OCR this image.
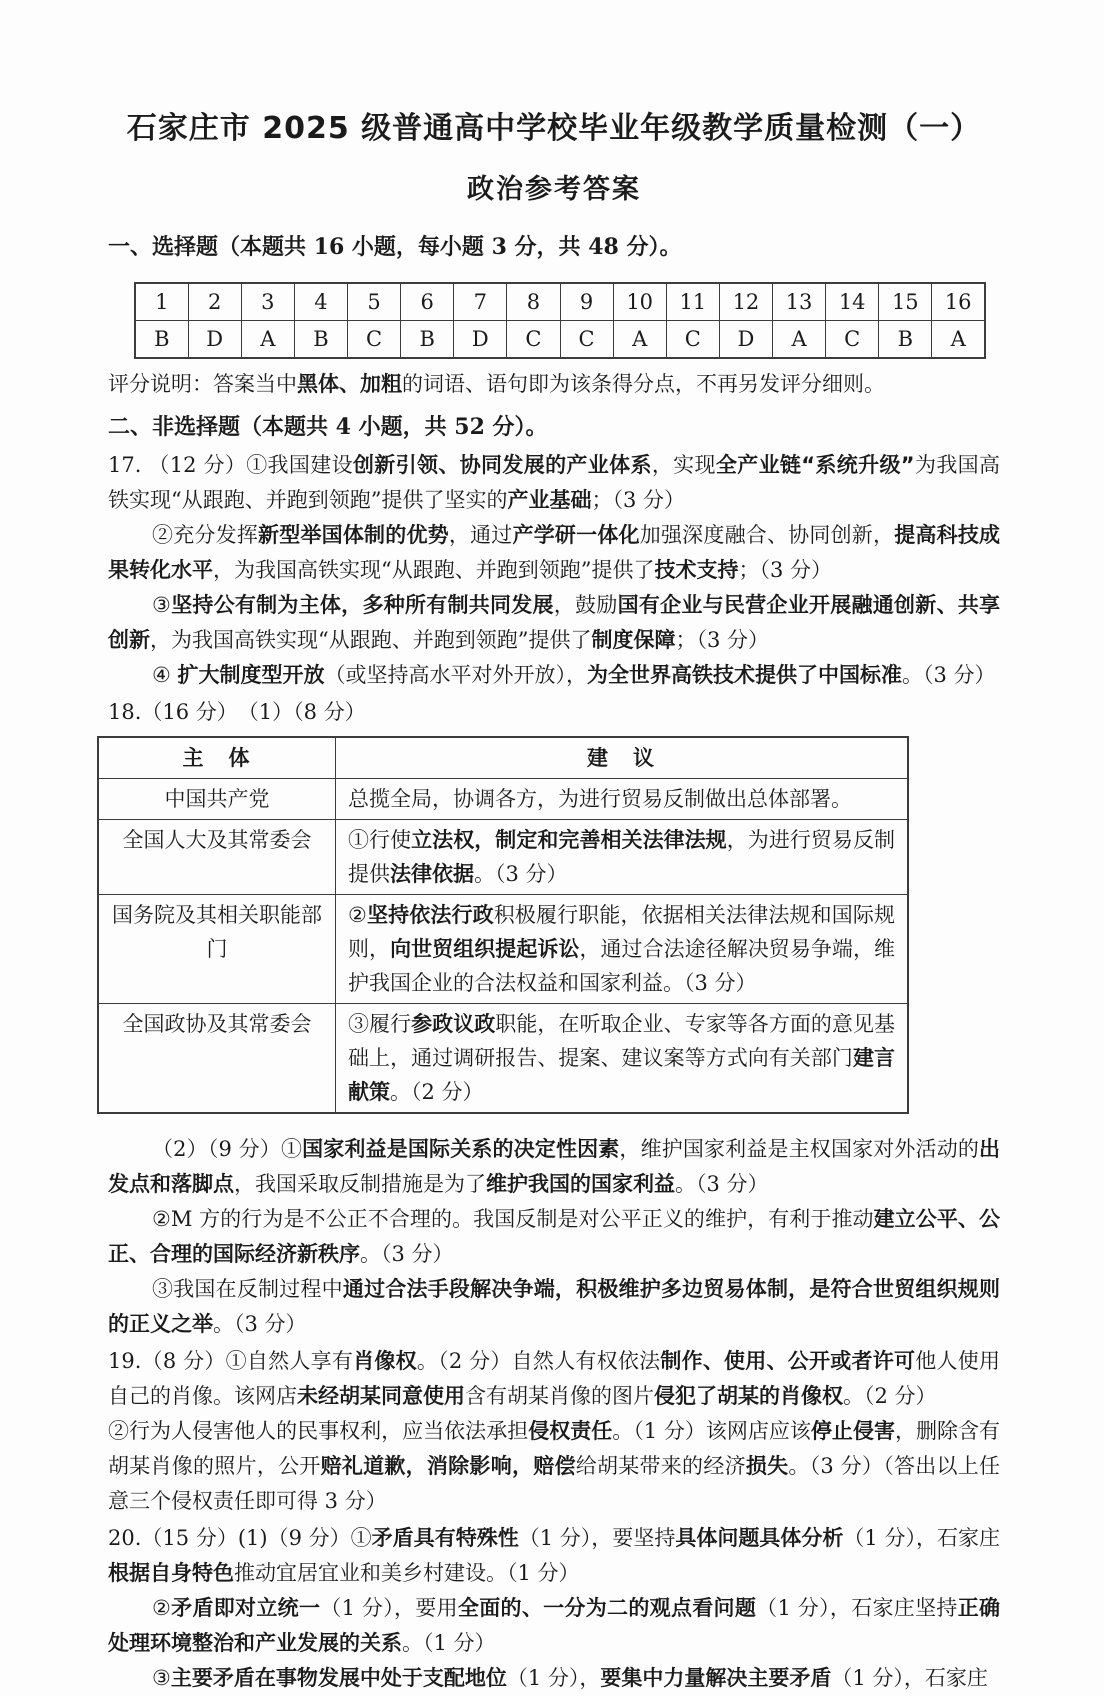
石家庄市 2025 级普通高中学校毕业年级教学质量检测（一）
政治参考答案

一、选择题（本题共 16 小题，每小题 3 分，共 48 分）。

1	2	3	4	5	6	7	8	9	10	11	12	13	14	15	16
B	D	A	B	C	B	D	C	C	A	C	D	A	C	B	A

评分说明：答案当中黑体、加粗的词语、语句即为该条得分点，不再另发评分细则。

二、非选择题（本题共 4 小题，共 52 分）。

17. （12 分）①我国建设创新引领、协同发展的产业体系，实现全产业链“系统升级”为我国高铁实现“从跟跑、并跑到领跑”提供了坚实的产业基础；（3 分）

②充分发挥新型举国体制的优势，通过产学研一体化加强深度融合、协同创新，提高科技成果转化水平，为我国高铁实现“从跟跑、并跑到领跑”提供了技术支持；（3 分）

③坚持公有制为主体，多种所有制共同发展，鼓励国有企业与民营企业开展融通创新、共享创新，为我国高铁实现“从跟跑、并跑到领跑”提供了制度保障；（3 分）

④ 扩大制度型开放（或坚持高水平对外开放），为全世界高铁技术提供了中国标准。（3 分）

18.（16 分）　（1）（8 分）

主　体	建　议
中国共产党	总揽全局，协调各方，为进行贸易反制做出总体部署。
全国人大及其常委会	①行使立法权，制定和完善相关法律法规，为进行贸易反制提供法律依据。（3 分）
国务院及其相关职能部门	②坚持依法行政积极履行职能，依据相关法律法规和国际规则，向世贸组织提起诉讼，通过合法途径解决贸易争端，维护我国企业的合法权益和国家利益。（3 分）
全国政协及其常委会	③履行参政议政职能，在听取企业、专家等各方面的意见基础上，通过调研报告、提案、建议案等方式向有关部门建言献策。（2 分）

（2）（9 分）①国家利益是国际关系的决定性因素，维护国家利益是主权国家对外活动的出发点和落脚点，我国采取反制措施是为了维护我国的国家利益。（3 分）

②M 方的行为是不公正不合理的。我国反制是对公平正义的维护，有利于推动建立公平、公正、合理的国际经济新秩序。（3 分）

③我国在反制过程中通过合法手段解决争端，积极维护多边贸易体制，是符合世贸组织规则的正义之举。（3 分）

19.（8 分）①自然人享有肖像权。（2 分）自然人有权依法制作、使用、公开或者许可他人使用自己的肖像。该网店未经胡某同意使用含有胡某肖像的图片侵犯了胡某的肖像权。（2 分）

②行为人侵害他人的民事权利，应当依法承担侵权责任。（1 分）该网店应该停止侵害，删除含有胡某肖像的照片，公开赔礼道歉，消除影响，赔偿给胡某带来的经济损失。（3 分）（答出以上任意三个侵权责任即可得 3 分）

20.（15 分）(1)（9 分）①矛盾具有特殊性（1 分），要坚持具体问题具体分析（1 分），石家庄根据自身特色推动宜居宜业和美乡村建设。（1 分）

②矛盾即对立统一（1 分），要用全面的、一分为二的观点看问题（1 分），石家庄坚持正确处理环境整治和产业发展的关系。（1 分）

③主要矛盾在事物发展中处于支配地位（1 分），要集中力量解决主要矛盾（1 分），石家庄
